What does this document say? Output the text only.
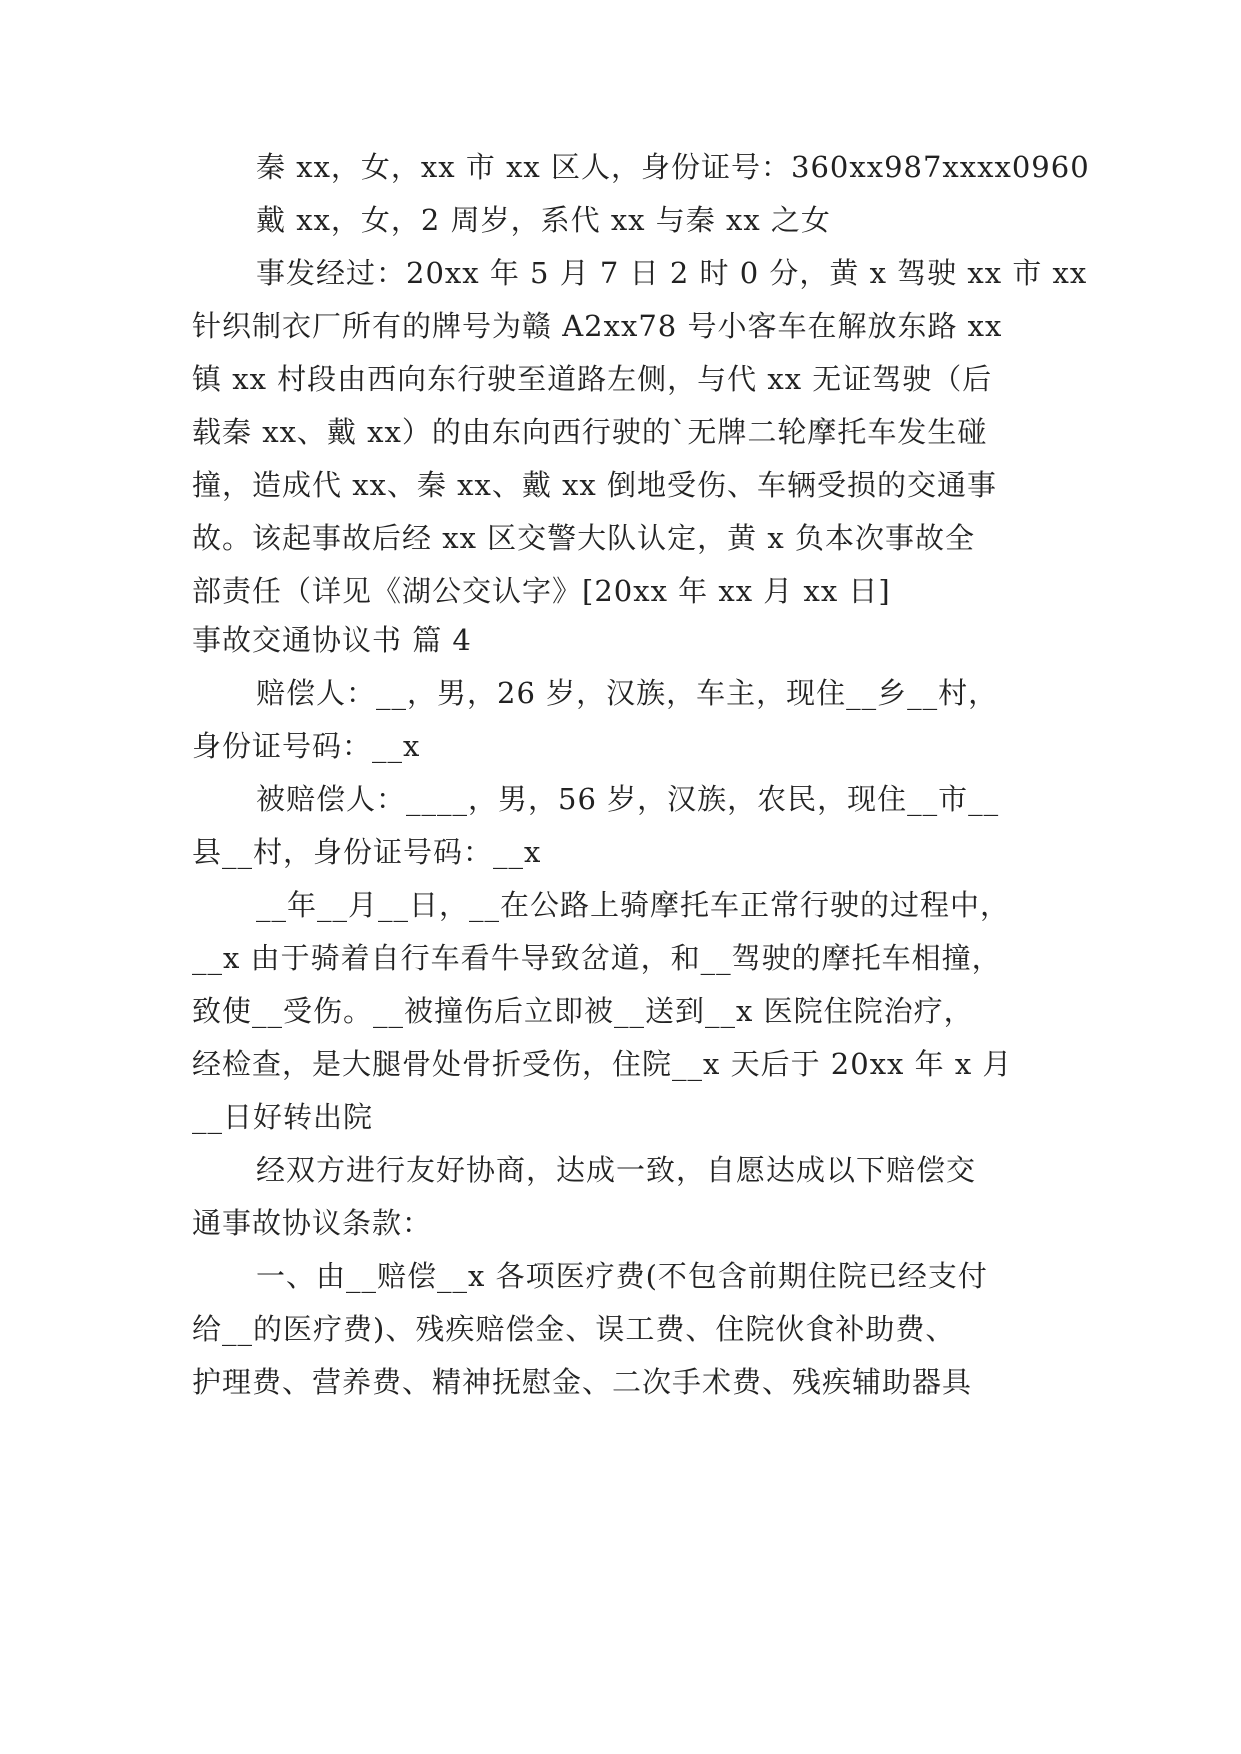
秦 xx，女，xx 市 xx 区人，身份证号：360xx987xxxx0960
戴 xx，女，2 周岁，系代 xx 与秦 xx 之女
事发经过：20xx 年 5 月 7 日 2 时 0 分，黄 x 驾驶 xx 市 xx
针织制衣厂所有的牌号为赣 A2xx78 号小客车在解放东路 xx
镇 xx 村段由西向东行驶至道路左侧，与代 xx 无证驾驶（后
载秦 xx、戴 xx）的由东向西行驶的`无牌二轮摩托车发生碰
撞，造成代 xx、秦 xx、戴 xx 倒地受伤、车辆受损的交通事
故。该起事故后经 xx 区交警大队认定，黄 x 负本次事故全
部责任（详见《湖公交认字》[20xx 年 xx 月 xx 日]
事故交通协议书 篇 4
赔偿人：__，男，26 岁，汉族，车主，现住__乡__村，
身份证号码：__x
被赔偿人：____，男，56 岁，汉族，农民，现住__市__
县__村，身份证号码：__x
__年__月__日，__在公路上骑摩托车正常行驶的过程中，
__x 由于骑着自行车看牛导致岔道，和__驾驶的摩托车相撞，
致使__受伤。__被撞伤后立即被__送到__x 医院住院治疗，
经检查，是大腿骨处骨折受伤，住院__x 天后于 20xx 年 x 月
__日好转出院
经双方进行友好协商，达成一致，自愿达成以下赔偿交
通事故协议条款：
一、由__赔偿__x 各项医疗费(不包含前期住院已经支付
给__的医疗费)、残疾赔偿金、误工费、住院伙食补助费、
护理费、营养费、精神抚慰金、二次手术费、残疾辅助器具
